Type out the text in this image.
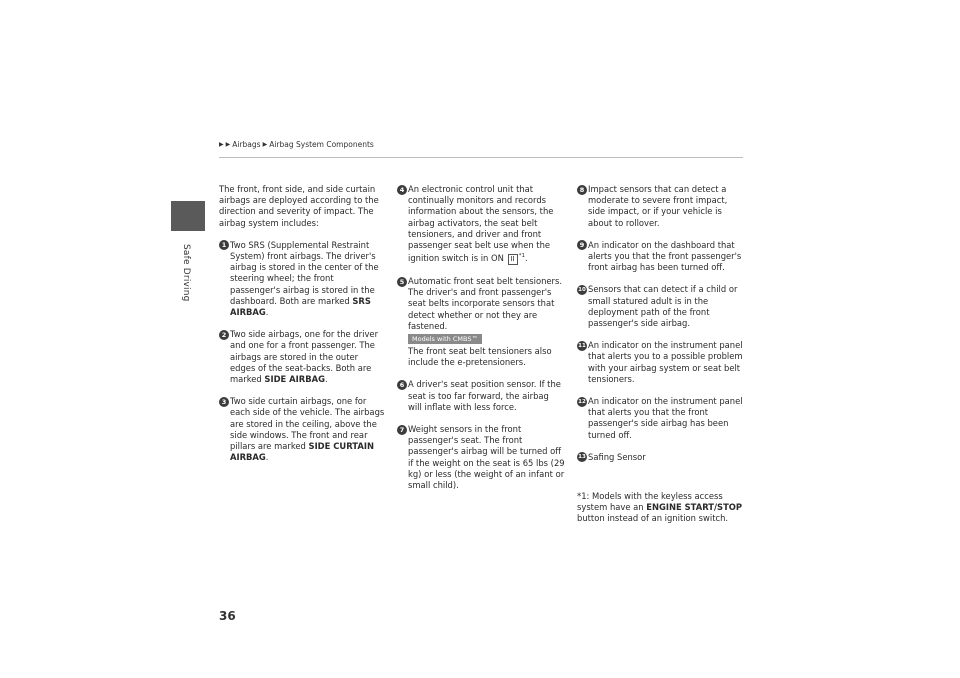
Safe Driving
36
▶ ▶ Airbags ▶ Airbag System Components

The front, front side, and side curtain airbags are deployed according to the direction and severity of impact. The airbag system includes:

1 Two SRS (Supplemental Restraint System) front airbags. The driver's airbag is stored in the center of the steering wheel; the front passenger's airbag is stored in the dashboard. Both are marked SRS AIRBAG.
2 Two side airbags, one for the driver and one for a front passenger. The airbags are stored in the outer edges of the seat-backs. Both are marked SIDE AIRBAG.
3 Two side curtain airbags, one for each side of the vehicle. The airbags are stored in the ceiling, above the side windows. The front and rear pillars are marked SIDE CURTAIN AIRBAG.
4 An electronic control unit that continually monitors and records information about the sensors, the airbag activators, the seat belt tensioners, and driver and front passenger seat belt use when the ignition switch is in ON II $^{*1}$.
5 Automatic front seat belt tensioners. The driver's and front passenger's seat belts incorporate sensors that detect whether or not they are fastened.
Models with CMBS™
The front seat belt tensioners also include the e-pretensioners.
6 A driver's seat position sensor. If the seat is too far forward, the airbag will inflate with less force.
7 Weight sensors in the front passenger's seat. The front passenger's airbag will be turned off if the weight on the seat is 65 lbs (29 kg) or less (the weight of an infant or small child).
8 Impact sensors that can detect a moderate to severe front impact, side impact, or if your vehicle is about to rollover.
9 An indicator on the dashboard that alerts you that the front passenger's front airbag has been turned off.
10 Sensors that can detect if a child or small statured adult is in the deployment path of the front passenger's side airbag.
11 An indicator on the instrument panel that alerts you to a possible problem with your airbag system or seat belt tensioners.
12 An indicator on the instrument panel that alerts you that the front passenger's side airbag has been turned off.
13 Safing Sensor
*1: Models with the keyless access system have an ENGINE START/STOP button instead of an ignition switch.
